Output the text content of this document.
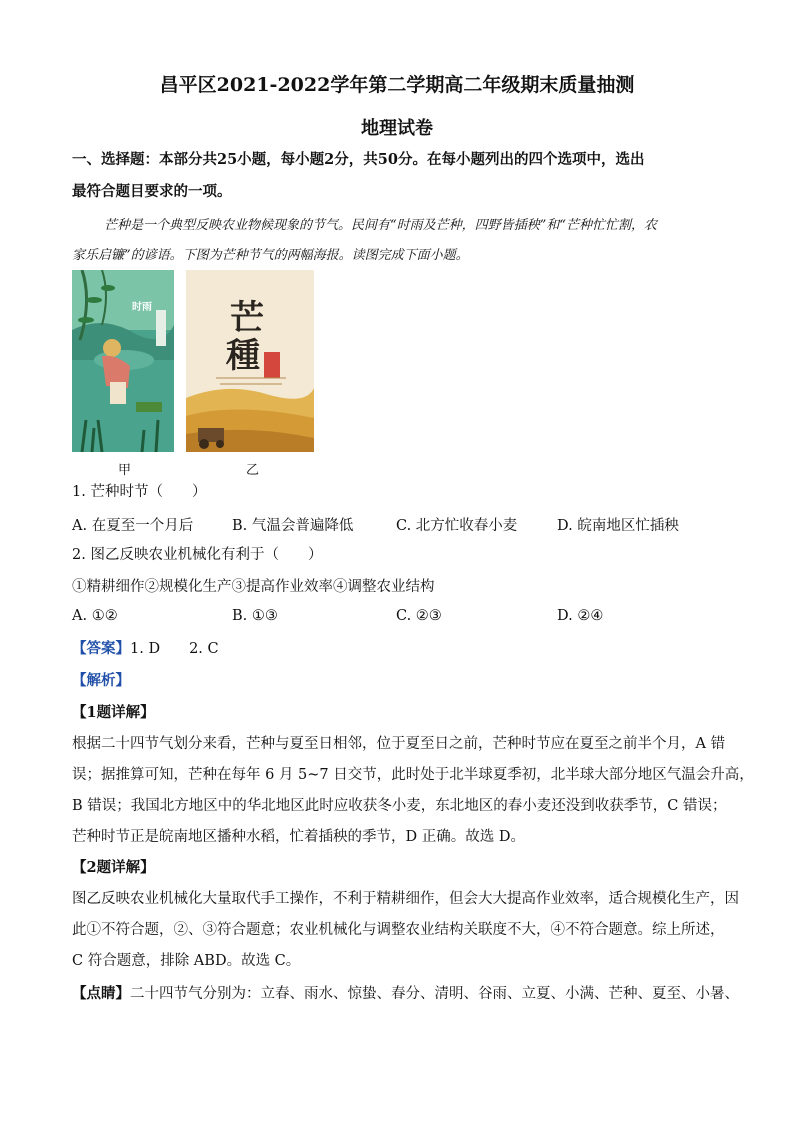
昌平区2021-2022学年第二学期高二年级期末质量抽测
地理试卷
一、选择题：本部分共25小题，每小题2分，共50分。在每小题列出的四个选项中，选出
最符合题目要求的一项。
芒种是一个典型反映农业物候现象的节气。民间有“时雨及芒种，四野皆插秧”和“芒种忙忙割，农
家乐启镰”的谚语。下图为芒种节气的两幅海报。读图完成下面小题。
时雨
甲
芒
種
乙
1. 芒种时节（　　）
A. 在夏至一个月后	B. 气温会普遍降低	C. 北方忙收春小麦	D. 皖南地区忙插秧
2. 图乙反映农业机械化有利于（　　）
①精耕细作②规模化生产③提高作业效率④调整农业结构
A. ①②	B. ①③	C. ②③	D. ②④
【答案】1. D　　2. C
【解析】
【1题详解】
根据二十四节气划分来看，芒种与夏至日相邻，位于夏至日之前，芒种时节应在夏至之前半个月，A 错
误；据推算可知，芒种在每年 6 月 5~7 日交节，此时处于北半球夏季初，北半球大部分地区气温会升高，
B 错误；我国北方地区中的华北地区此时应收获冬小麦，东北地区的春小麦还没到收获季节，C 错误；
芒种时节正是皖南地区播种水稻，忙着插秧的季节，D 正确。故选 D。
【2题详解】
图乙反映农业机械化大量取代手工操作，不利于精耕细作，但会大大提高作业效率，适合规模化生产，因
此①不符合题，②、③符合题意；农业机械化与调整农业结构关联度不大，④不符合题意。综上所述，
C 符合题意，排除 ABD。故选 C。
【点睛】二十四节气分别为：立春、雨水、惊蛰、春分、清明、谷雨、立夏、小满、芒种、夏至、小暑、
